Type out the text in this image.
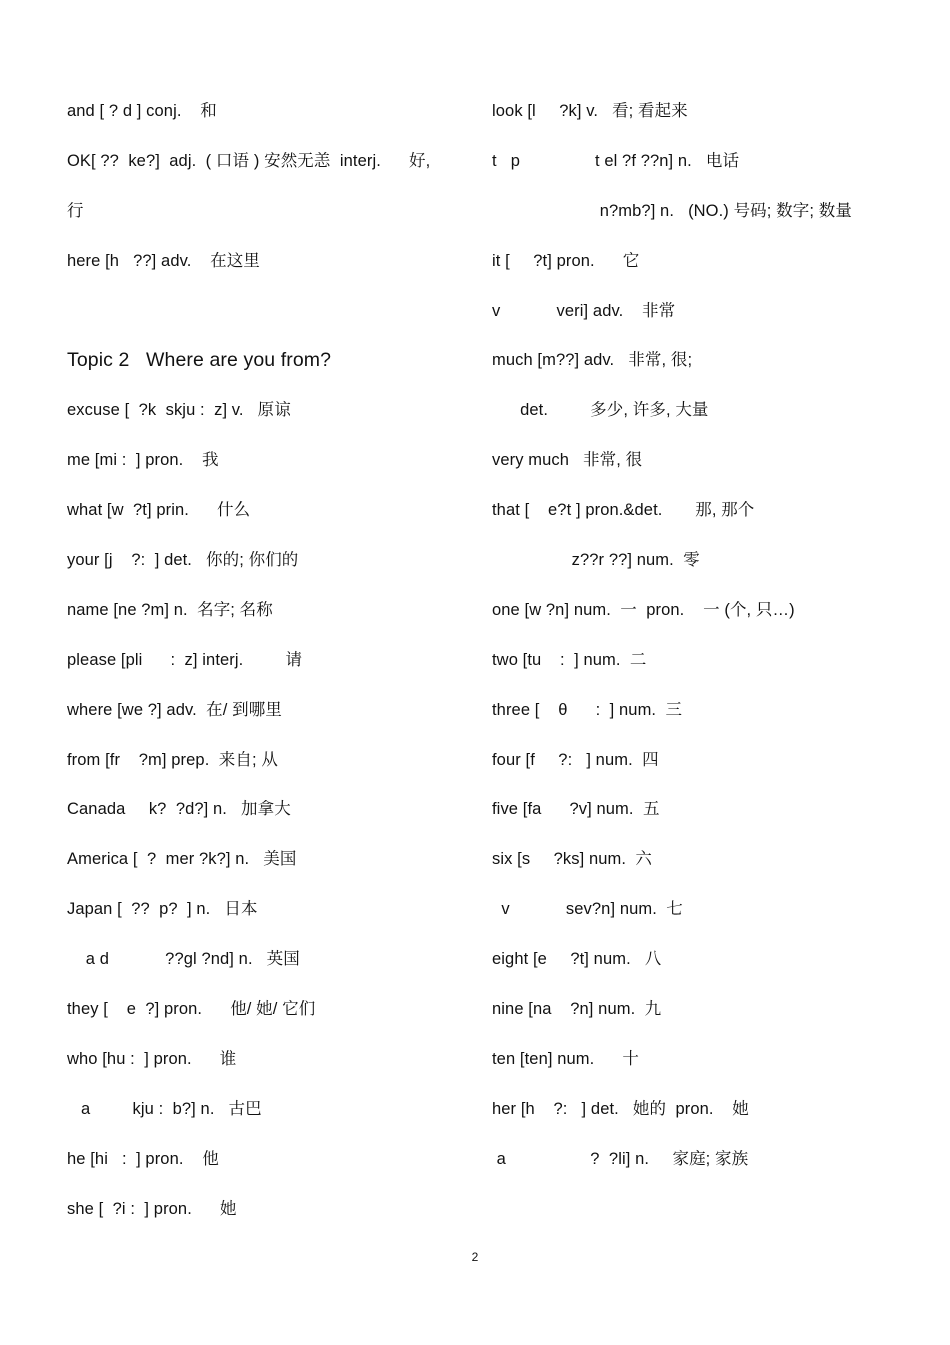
and [ ? d ] conj.    和
OK[ ??  ke?]  adj.  ( 口语 ) 安然无恙  interj.      好,
行
here [h   ??] adv.    在这里
Topic 2   Where are you from?
excuse [  ?k  skju :  z] v.   原谅
me [mi :  ] pron.    我
what [w  ?t] prin.      什么
your [j    ?:  ] det.   你的; 你们的
name [ne ?m] n.  名字; 名称
please [pli      :  z] interj.         请
where [we ?] adv.  在/ 到哪里
from [fr    ?m] prep.  来自; 从
Canada     k?  ?d?] n.   加拿大
America [  ?  mer ?k?] n.   美国
Japan [  ??  p?  ] n.   日本
a d            ??gl ?nd] n.   英国
they [    e  ?] pron.      他/ 她/ 它们
who [hu :  ] pron.      谁
a         kju :  b?] n.   古巴
he [hi   :  ] pron.    他
she [  ?i :  ] pron.      她
look [l     ?k] v.   看; 看起来
t   p                t el ?f ??n] n.   电话
n?mb?] n.   (NO.) 号码; 数字; 数量
it [     ?t] pron.      它
v            veri] adv.    非常
much [m??] adv.   非常, 很;
det.         多少, 许多, 大量
very much   非常, 很
that [    e?t ] pron.&det.       那, 那个
z??r ??] num.  零
one [w ?n] num.  一  pron.    一 (个, 只…)
two [tu    :  ] num.  二
three [    θ      :  ] num.  三
four [f     ?:   ] num.  四
five [fa      ?v] num.  五
six [s     ?ks] num.  六
v            sev?n] num.  七
eight [e     ?t] num.   八
nine [na    ?n] num.  九
ten [ten] num.      十
her [h    ?:   ] det.   她的  pron.    她
a                  ?  ?li] n.     家庭; 家族
2
